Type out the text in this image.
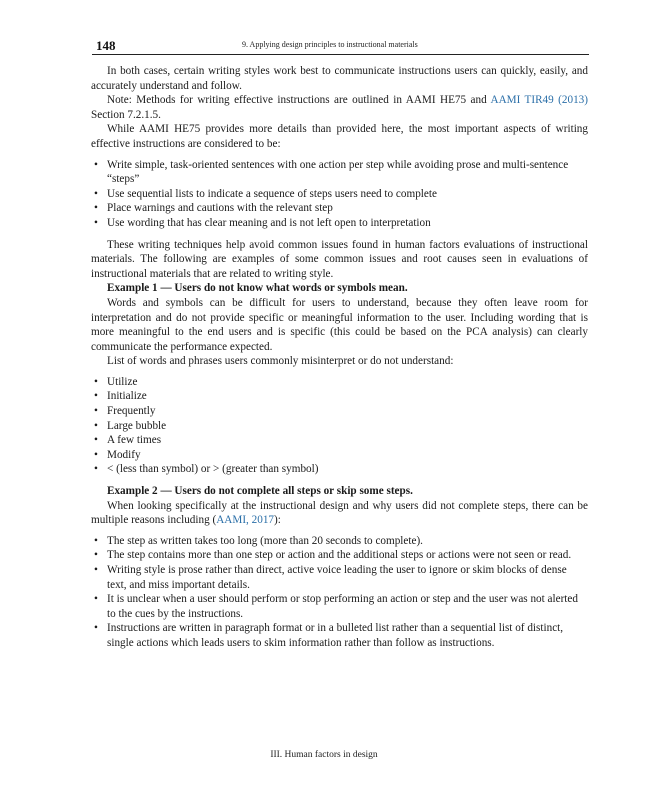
148	9. Applying design principles to instructional materials

In both cases, certain writing styles work best to communicate instructions users can quickly, easily, and accurately understand and follow.

Note: Methods for writing effective instructions are outlined in AAMI HE75 and AAMI TIR49 (2013) Section 7.2.1.5.

While AAMI HE75 provides more details than provided here, the most important aspects of writing effective instructions are considered to be:

• Write simple, task-oriented sentences with one action per step while avoiding prose and multi-sentence “steps”
• Use sequential lists to indicate a sequence of steps users need to complete
• Place warnings and cautions with the relevant step
• Use wording that has clear meaning and is not left open to interpretation

These writing techniques help avoid common issues found in human factors evaluations of instructional materials. The following are examples of some common issues and root causes seen in evaluations of instructional materials that are related to writing style.

Example 1 — Users do not know what words or symbols mean.

Words and symbols can be difficult for users to understand, because they often leave room for interpretation and do not provide specific or meaningful information to the user. Including wording that is more meaningful to the end users and is specific (this could be based on the PCA analysis) can clearly communicate the performance expected.

List of words and phrases users commonly misinterpret or do not understand:

• Utilize
• Initialize
• Frequently
• Large bubble
• A few times
• Modify
• < (less than symbol) or > (greater than symbol)

Example 2 — Users do not complete all steps or skip some steps.

When looking specifically at the instructional design and why users did not complete steps, there can be multiple reasons including (AAMI, 2017):

• The step as written takes too long (more than 20 seconds to complete).
• The step contains more than one step or action and the additional steps or actions were not seen or read.
• Writing style is prose rather than direct, active voice leading the user to ignore or skim blocks of dense text, and miss important details.
• It is unclear when a user should perform or stop performing an action or step and the user was not alerted to the cues by the instructions.
• Instructions are written in paragraph format or in a bulleted list rather than a sequential list of distinct, single actions which leads users to skim information rather than follow as instructions.
III. Human factors in design
